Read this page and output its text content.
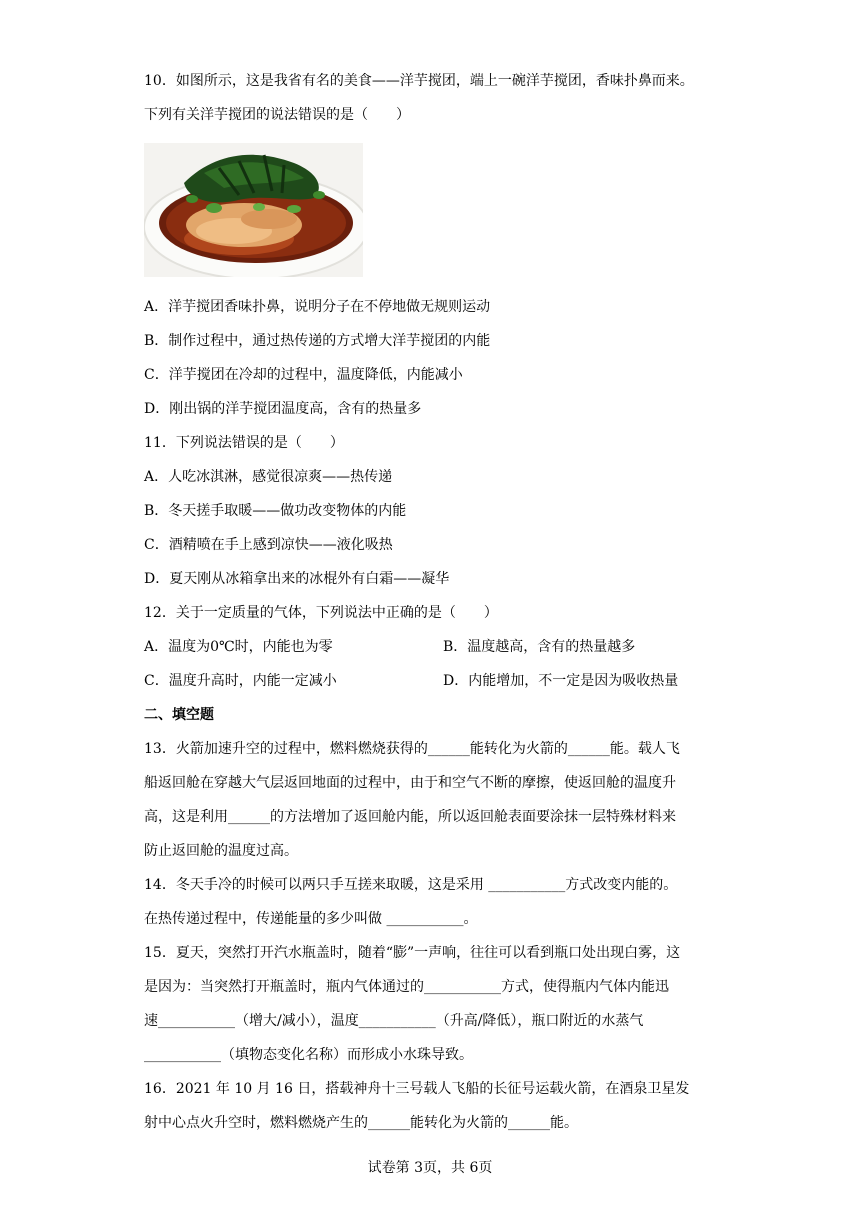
10．如图所示，这是我省有名的美食——洋芋搅团，端上一碗洋芋搅团，香味扑鼻而来。
下列有关洋芋搅团的说法错误的是（　　）
A．洋芋搅团香味扑鼻，说明分子在不停地做无规则运动
B．制作过程中，通过热传递的方式增大洋芋搅团的内能
C．洋芋搅团在冷却的过程中，温度降低，内能减小
D．刚出锅的洋芋搅团温度高，含有的热量多
11．下列说法错误的是（　　）
A．人吃冰淇淋，感觉很凉爽——热传递
B．冬天搓手取暖——做功改变物体的内能
C．酒精喷在手上感到凉快——液化吸热
D．夏天刚从冰箱拿出来的冰棍外有白霜——凝华
12．关于一定质量的气体，下列说法中正确的是（　　）
A．温度为0℃时，内能也为零	B．温度越高，含有的热量越多
C．温度升高时，内能一定减小	D．内能增加，不一定是因为吸收热量
二、填空题
13．火箭加速升空的过程中，燃料燃烧获得的______能转化为火箭的______能。载人飞
船返回舱在穿越大气层返回地面的过程中，由于和空气不断的摩擦，使返回舱的温度升
高，这是利用______的方法增加了返回舱内能，所以返回舱表面要涂抹一层特殊材料来
防止返回舱的温度过高。
14．冬天手冷的时候可以两只手互搓来取暖，这是采用 ___________方式改变内能的。
在热传递过程中，传递能量的多少叫做 ___________。
15．夏天，突然打开汽水瓶盖时，随着“膨”一声响，往往可以看到瓶口处出现白雾，这
是因为：当突然打开瓶盖时，瓶内气体通过的___________方式，使得瓶内气体内能迅
速___________（增大/减小），温度___________（升高/降低），瓶口附近的水蒸气
___________（填物态变化名称）而形成小水珠导致。
16．2021 年 10 月 16 日，搭载神舟十三号载人飞船的长征号运载火箭，在酒泉卫星发
射中心点火升空时，燃料燃烧产生的______能转化为火箭的______能。
试卷第 3页，共 6页
